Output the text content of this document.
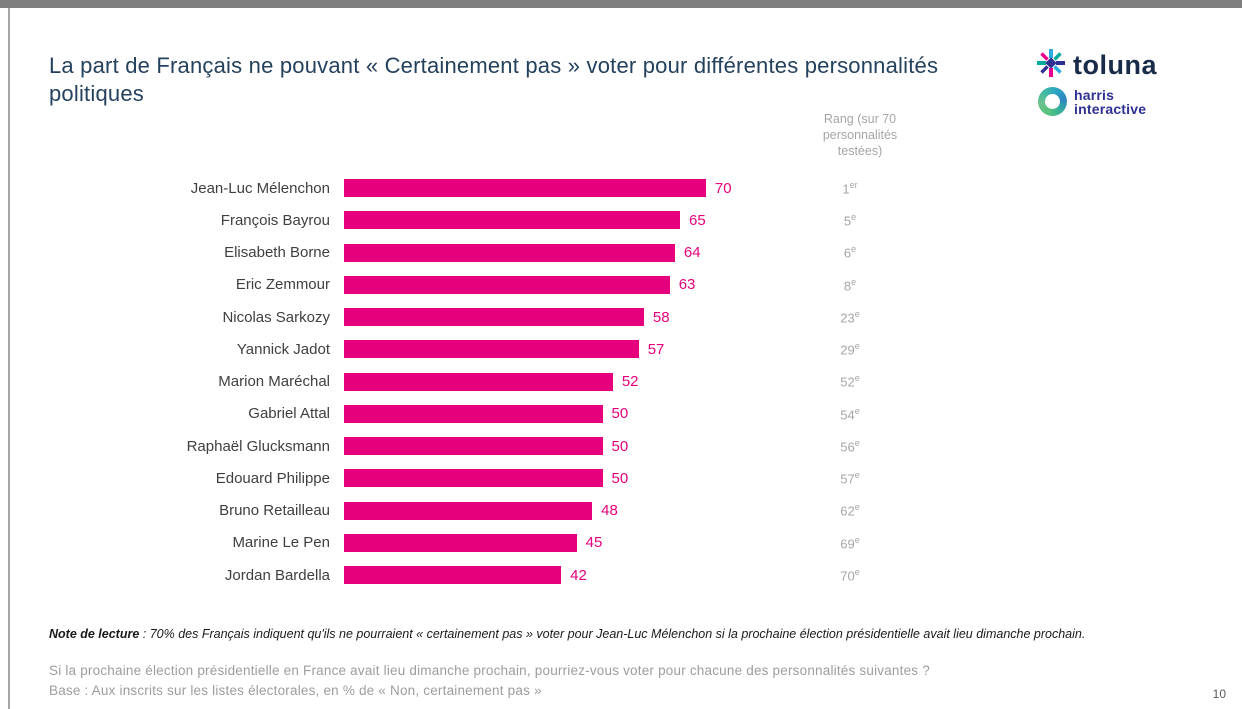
La part de Français ne pouvant « Certainement pas » voter pour différentes personnalités politiques
toluna
harris
interactive
Rang (sur 70 personnalités testées)
Jean-Luc Mélenchon	70	1er
François Bayrou	65	5e
Elisabeth Borne	64	6e
Eric Zemmour	63	8e
Nicolas Sarkozy	58	23e
Yannick Jadot	57	29e
Marion Maréchal	52	52e
Gabriel Attal	50	54e
Raphaël Glucksmann	50	56e
Edouard Philippe	50	57e
Bruno Retailleau	48	62e
Marine Le Pen	45	69e
Jordan Bardella	42	70e
Note de lecture : 70% des Français indiquent qu'ils ne pourraient « certainement pas » voter pour Jean-Luc Mélenchon si la prochaine élection présidentielle avait lieu dimanche prochain.
Si la prochaine élection présidentielle en France avait lieu dimanche prochain, pourriez-vous voter pour chacune des personnalités suivantes ?
Base : Aux inscrits sur les listes électorales, en % de « Non, certainement pas »	10
